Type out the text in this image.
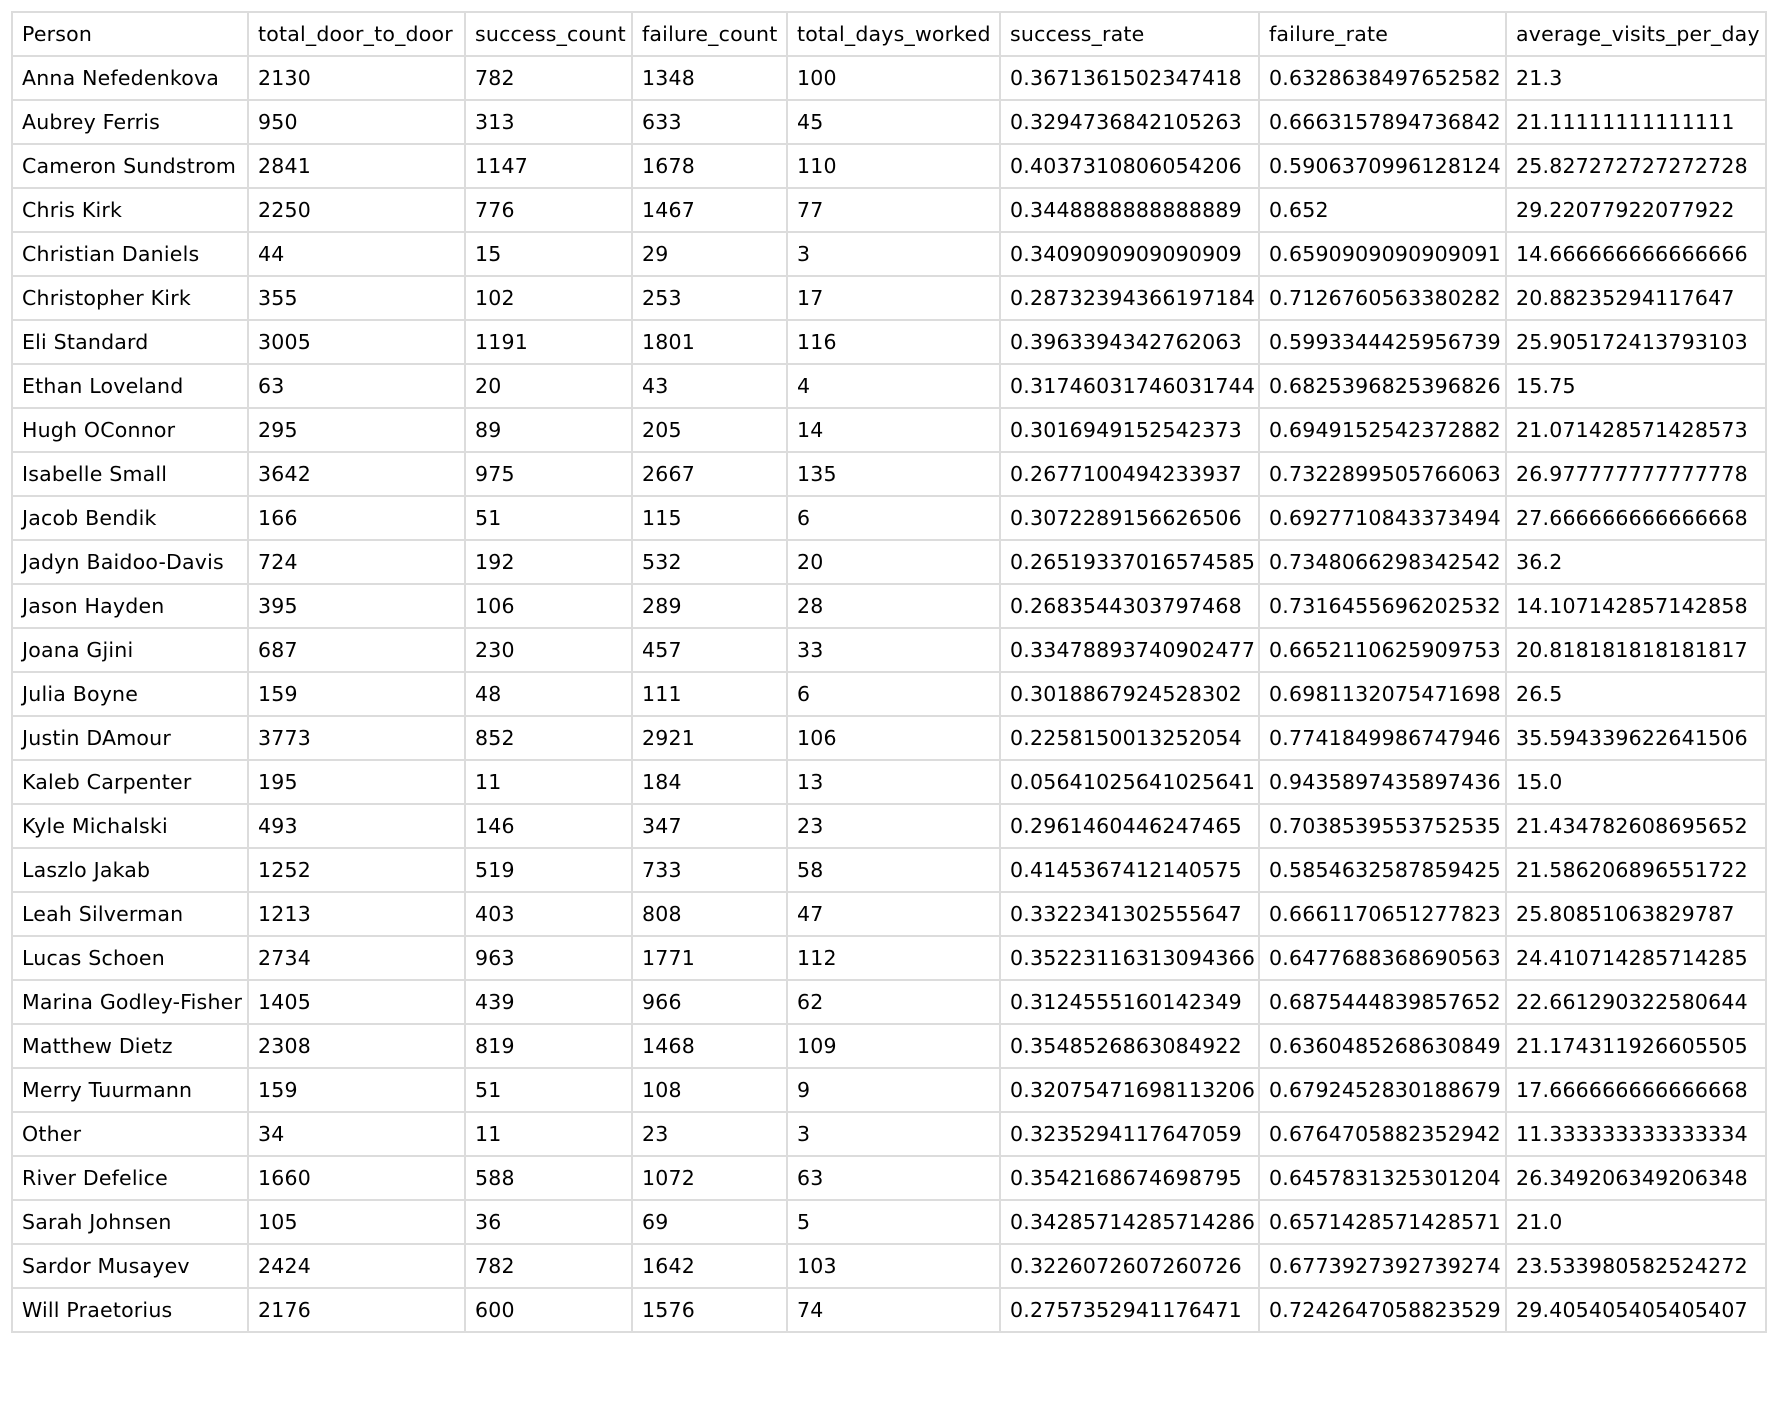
Person	total_door_to_door	success_count	failure_count	total_days_worked	success_rate	failure_rate	average_visits_per_day
Anna Nefedenkova	2130	782	1348	100	0.3671361502347418	0.6328638497652582	21.3
Aubrey Ferris	950	313	633	45	0.3294736842105263	0.6663157894736842	21.11111111111111
Cameron Sundstrom	2841	1147	1678	110	0.4037310806054206	0.5906370996128124	25.827272727272728
Chris Kirk	2250	776	1467	77	0.3448888888888889	0.652	29.22077922077922
Christian Daniels	44	15	29	3	0.3409090909090909	0.6590909090909091	14.666666666666666
Christopher Kirk	355	102	253	17	0.28732394366197184	0.7126760563380282	20.88235294117647
Eli Standard	3005	1191	1801	116	0.3963394342762063	0.5993344425956739	25.905172413793103
Ethan Loveland	63	20	43	4	0.31746031746031744	0.6825396825396826	15.75
Hugh OConnor	295	89	205	14	0.3016949152542373	0.6949152542372882	21.071428571428573
Isabelle Small	3642	975	2667	135	0.2677100494233937	0.7322899505766063	26.977777777777778
Jacob Bendik	166	51	115	6	0.3072289156626506	0.6927710843373494	27.666666666666668
Jadyn Baidoo-Davis	724	192	532	20	0.26519337016574585	0.7348066298342542	36.2
Jason Hayden	395	106	289	28	0.2683544303797468	0.7316455696202532	14.107142857142858
Joana Gjini	687	230	457	33	0.33478893740902477	0.6652110625909753	20.818181818181817
Julia Boyne	159	48	111	6	0.3018867924528302	0.6981132075471698	26.5
Justin DAmour	3773	852	2921	106	0.2258150013252054	0.7741849986747946	35.594339622641506
Kaleb Carpenter	195	11	184	13	0.05641025641025641	0.9435897435897436	15.0
Kyle Michalski	493	146	347	23	0.2961460446247465	0.7038539553752535	21.434782608695652
Laszlo Jakab	1252	519	733	58	0.4145367412140575	0.5854632587859425	21.586206896551722
Leah Silverman	1213	403	808	47	0.3322341302555647	0.6661170651277823	25.80851063829787
Lucas Schoen	2734	963	1771	112	0.35223116313094366	0.6477688368690563	24.410714285714285
Marina Godley-Fisher	1405	439	966	62	0.3124555160142349	0.6875444839857652	22.661290322580644
Matthew Dietz	2308	819	1468	109	0.3548526863084922	0.6360485268630849	21.174311926605505
Merry Tuurmann	159	51	108	9	0.32075471698113206	0.6792452830188679	17.666666666666668
Other	34	11	23	3	0.3235294117647059	0.6764705882352942	11.333333333333334
River Defelice	1660	588	1072	63	0.3542168674698795	0.6457831325301204	26.349206349206348
Sarah Johnsen	105	36	69	5	0.34285714285714286	0.6571428571428571	21.0
Sardor Musayev	2424	782	1642	103	0.3226072607260726	0.6773927392739274	23.533980582524272
Will Praetorius	2176	600	1576	74	0.2757352941176471	0.7242647058823529	29.405405405405407
